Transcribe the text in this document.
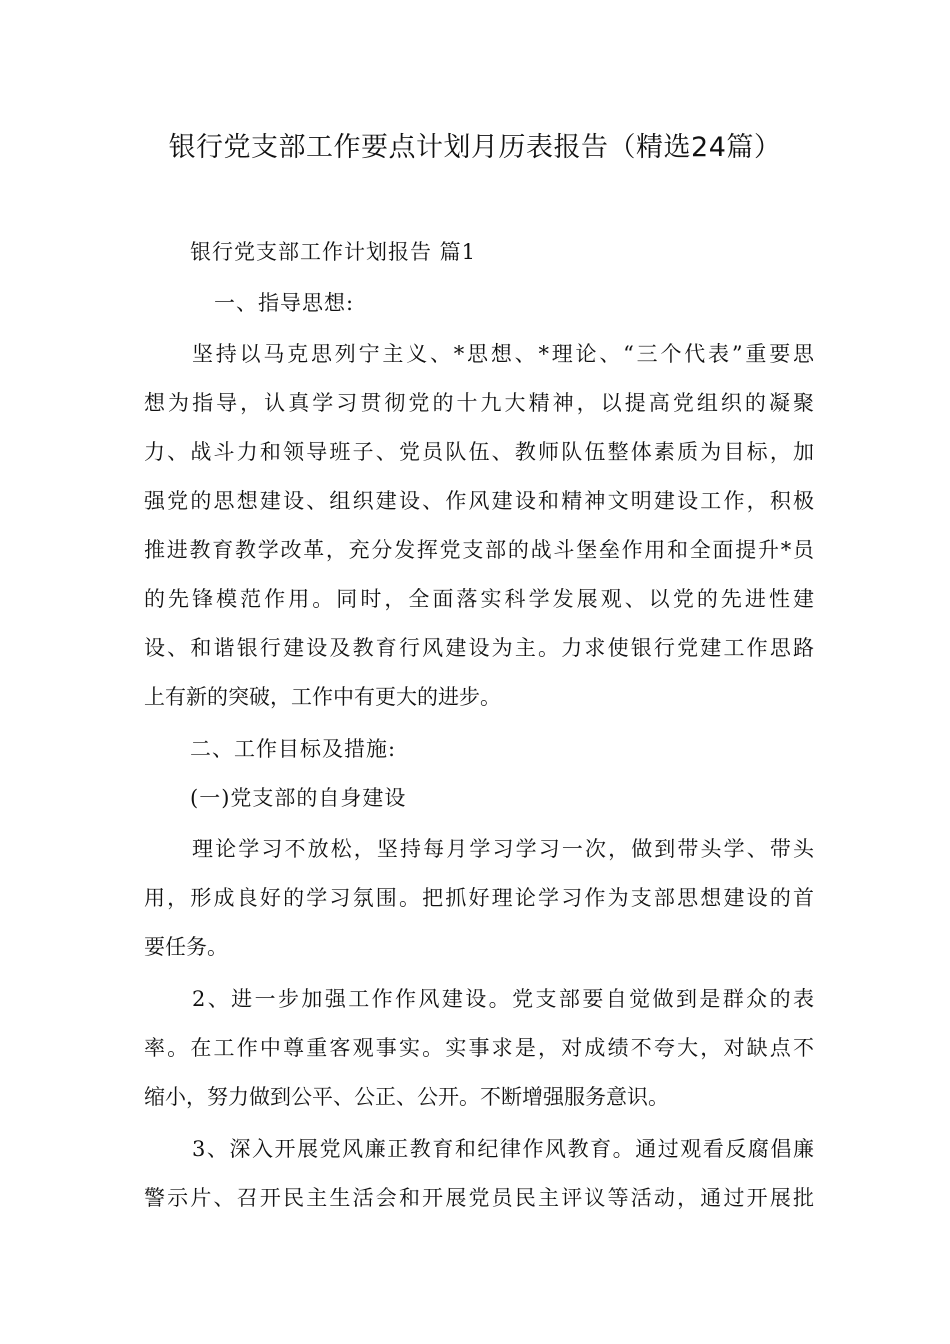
银行党支部工作要点计划月历表报告（精选24篇）
银行党支部工作计划报告 篇1
一、指导思想:
坚持以马克思列宁主义、*思想、*理论、“三个代表”重要思
想为指导，认真学习贯彻党的十九大精神，以提高党组织的凝聚
力、战斗力和领导班子、党员队伍、教师队伍整体素质为目标，加
强党的思想建设、组织建设、作风建设和精神文明建设工作，积极
推进教育教学改革，充分发挥党支部的战斗堡垒作用和全面提升*员
的先锋模范作用。同时，全面落实科学发展观、以党的先进性建
设、和谐银行建设及教育行风建设为主。力求使银行党建工作思路
上有新的突破，工作中有更大的进步。
二、工作目标及措施:
(一)党支部的自身建设
理论学习不放松，坚持每月学习学习一次，做到带头学、带头
用，形成良好的学习氛围。把抓好理论学习作为支部思想建设的首
要任务。
2、进一步加强工作作风建设。党支部要自觉做到是群众的表
率。在工作中尊重客观事实。实事求是，对成绩不夸大，对缺点不
缩小，努力做到公平、公正、公开。不断增强服务意识。
3、深入开展党风廉正教育和纪律作风教育。通过观看反腐倡廉
警示片、召开民主生活会和开展党员民主评议等活动，通过开展批
